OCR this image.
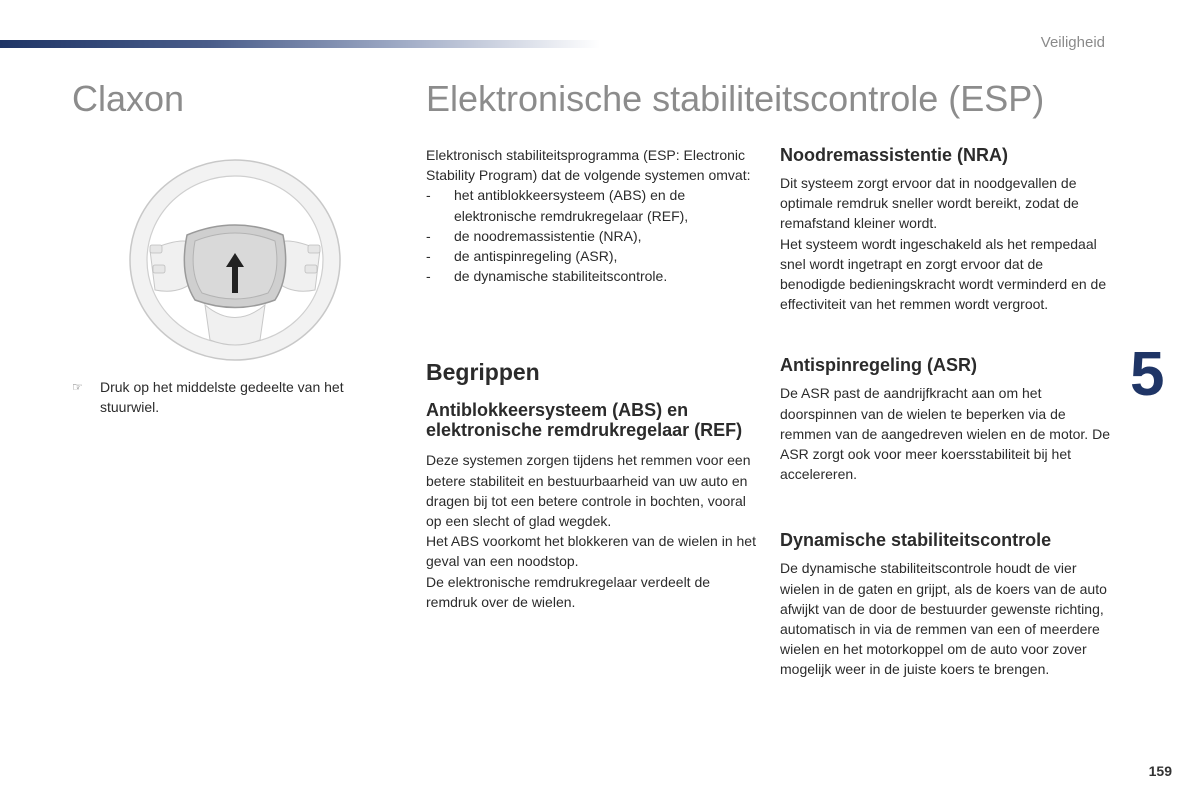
Veiligheid
Claxon	Elektronische stabiliteitscontrole (ESP)
☞	Druk op het middelste gedeelte van het stuurwiel.

Elektronisch stabiliteitsprogramma (ESP: Electronic Stability Program) dat de volgende systemen omvat:

-	het antiblokkeersysteem (ABS) en de elektronische remdrukregelaar (REF),
-	de noodremassistentie (NRA),
-	de antispinregeling (ASR),
-	de dynamische stabiliteitscontrole.
Begrippen
Antiblokkeersysteem (ABS) en elektronische remdrukregelaar (REF)

Deze systemen zorgen tijdens het remmen voor een betere stabiliteit en bestuurbaarheid van uw auto en dragen bij tot een betere controle in bochten, vooral op een slecht of glad wegdek.

Het ABS voorkomt het blokkeren van de wielen in het geval van een noodstop.

De elektronische remdrukregelaar verdeelt de remdruk over de wielen.

Noodremassistentie (NRA)

Dit systeem zorgt ervoor dat in noodgevallen de optimale remdruk sneller wordt bereikt, zodat de remafstand kleiner wordt.

Het systeem wordt ingeschakeld als het rempedaal snel wordt ingetrapt en zorgt ervoor dat de benodigde bedieningskracht wordt verminderd en de effectiviteit van het remmen wordt vergroot.

Antispinregeling (ASR)

De ASR past de aandrijfkracht aan om het doorspinnen van de wielen te beperken via de remmen van de aangedreven wielen en de motor. De ASR zorgt ook voor meer koersstabiliteit bij het accelereren.

Dynamische stabiliteitscontrole

De dynamische stabiliteitscontrole houdt de vier wielen in de gaten en grijpt, als de koers van de auto afwijkt van de door de bestuurder gewenste richting, automatisch in via de remmen van een of meerdere wielen en het motorkoppel om de auto voor zover mogelijk weer in de juiste koers te brengen.

5
159
